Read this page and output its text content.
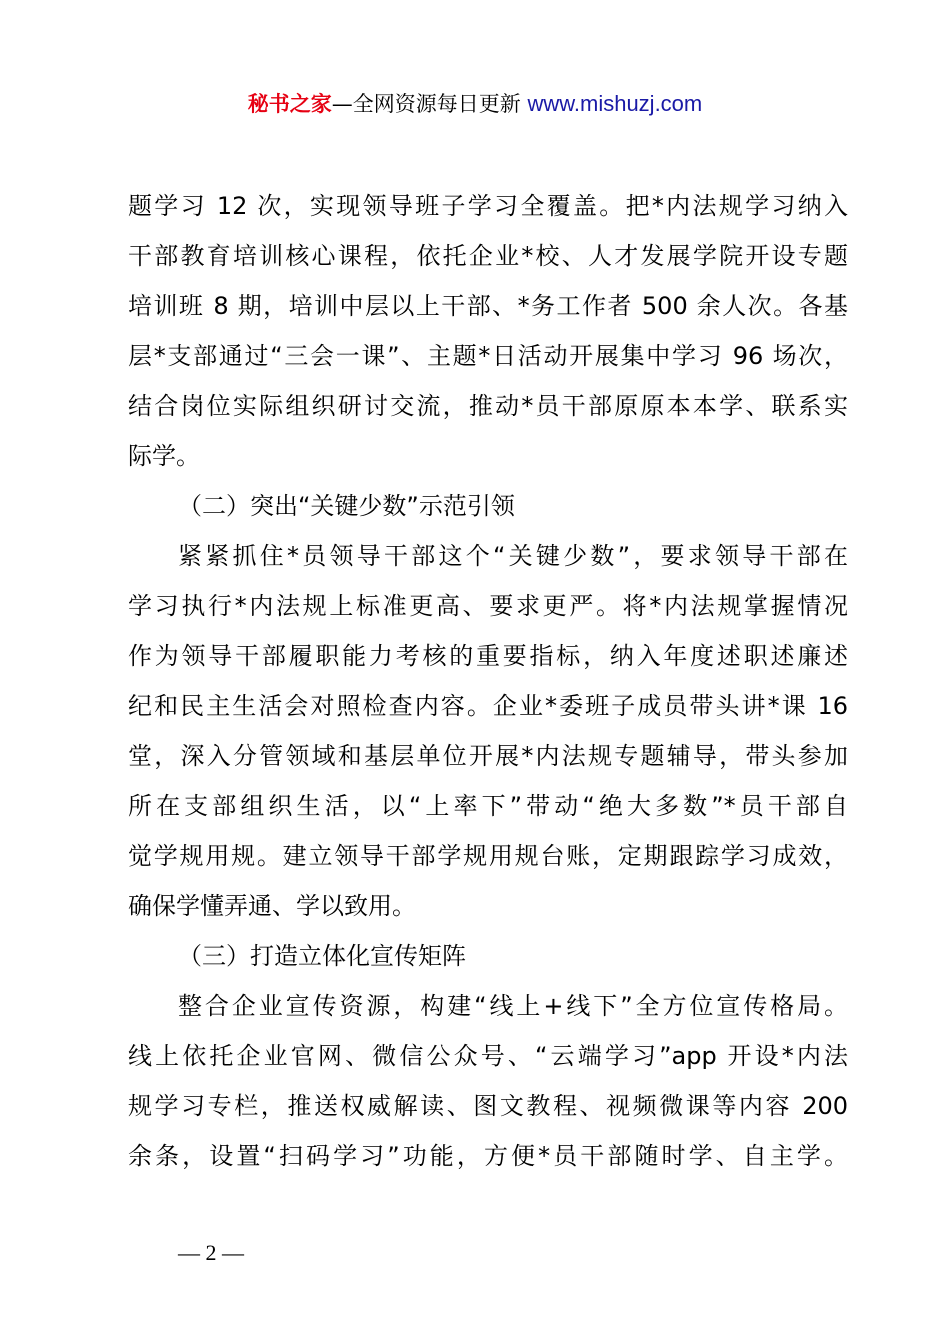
秘书之家—全网资源每日更新 www.mishuzj.com
题学习 12 次，实现领导班子学习全覆盖。把*内法规学习纳入
干部教育培训核心课程，依托企业*校、人才发展学院开设专题
培训班 8 期，培训中层以上干部、*务工作者 500 余人次。各基
层*支部通过“三会一课”、主题*日活动开展集中学习 96 场次，
结合岗位实际组织研讨交流，推动*员干部原原本本学、联系实
际学。
（二）突出“关键少数”示范引领
紧紧抓住*员领导干部这个“关键少数”，要求领导干部在
学习执行*内法规上标准更高、要求更严。将*内法规掌握情况
作为领导干部履职能力考核的重要指标，纳入年度述职述廉述
纪和民主生活会对照检查内容。企业*委班子成员带头讲*课 16
堂，深入分管领域和基层单位开展*内法规专题辅导，带头参加
所在支部组织生活，以“上率下”带动“绝大多数”*员干部自
觉学规用规。建立领导干部学规用规台账，定期跟踪学习成效，
确保学懂弄通、学以致用。
（三）打造立体化宣传矩阵
整合企业宣传资源，构建“线上+线下”全方位宣传格局。
线上依托企业官网、微信公众号、“云端学习”app 开设*内法
规学习专栏，推送权威解读、图文教程、视频微课等内容 200
余条，设置“扫码学习”功能，方便*员干部随时学、自主学。
— 2 —
